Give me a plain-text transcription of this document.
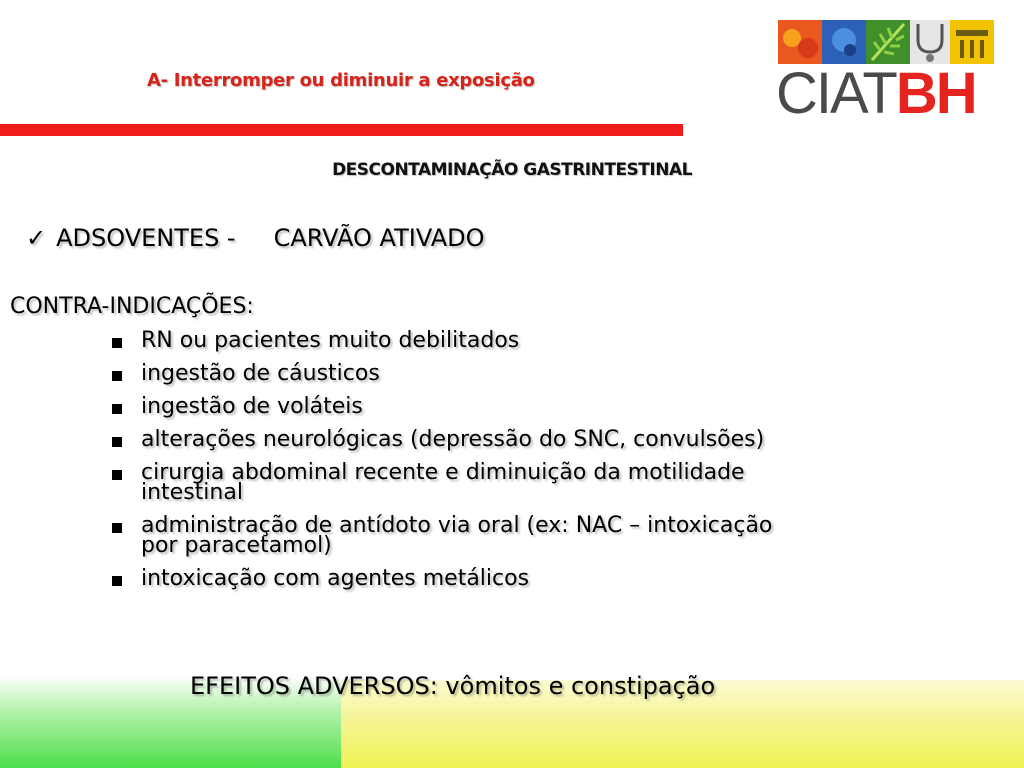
A- Interromper ou diminuir a exposição	CIATBH
DESCONTAMINAÇÃO GASTRINTESTINAL
✓ ADSOVENTES - CARVÃO ATIVADO
CONTRA-INDICAÇÕES:
RN ou pacientes muito debilitados
ingestão de cáusticos
ingestão de voláteis
alterações neurológicas (depressão do SNC, convulsões)
cirurgia abdominal recente e diminuição da motilidade
intestinal
administração de antídoto via oral (ex: NAC – intoxicação
por paracetamol)
intoxicação com agentes metálicos
EFEITOS ADVERSOS: vômitos e constipação
